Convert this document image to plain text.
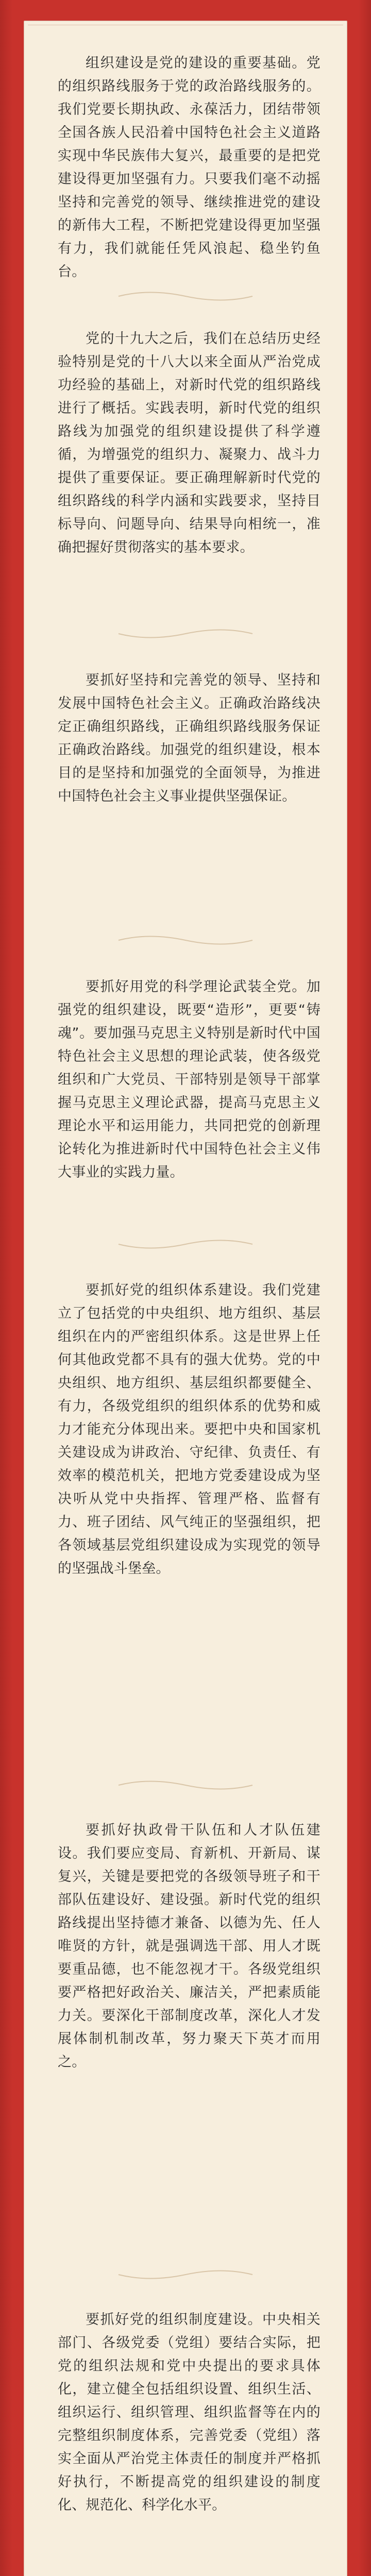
组织建设是党的建设的重要基础。党的组织路线服务于党的政治路线服务的。我们党要长期执政、永葆活力，团结带领全国各族人民沿着中国特色社会主义道路实现中华民族伟大复兴，最重要的是把党建设得更加坚强有力。只要我们毫不动摇坚持和完善党的领导、继续推进党的建设的新伟大工程，不断把党建设得更加坚强有力，我们就能任凭风浪起、稳坐钓鱼台。

党的十九大之后，我们在总结历史经验特别是党的十八大以来全面从严治党成功经验的基础上，对新时代党的组织路线进行了概括。实践表明，新时代党的组织路线为加强党的组织建设提供了科学遵循，为增强党的组织力、凝聚力、战斗力提供了重要保证。要正确理解新时代党的组织路线的科学内涵和实践要求，坚持目标导向、问题导向、结果导向相统一，准确把握好贯彻落实的基本要求。

要抓好坚持和完善党的领导、坚持和发展中国特色社会主义。正确政治路线决定正确组织路线，正确组织路线服务保证正确政治路线。加强党的组织建设，根本目的是坚持和加强党的全面领导，为推进中国特色社会主义事业提供坚强保证。

要抓好用党的科学理论武装全党。加强党的组织建设，既要“造形”，更要“铸魂”。要加强马克思主义特别是新时代中国特色社会主义思想的理论武装，使各级党组织和广大党员、干部特别是领导干部掌握马克思主义理论武器，提高马克思主义理论水平和运用能力，共同把党的创新理论转化为推进新时代中国特色社会主义伟大事业的实践力量。

要抓好党的组织体系建设。我们党建立了包括党的中央组织、地方组织、基层组织在内的严密组织体系。这是世界上任何其他政党都不具有的强大优势。党的中央组织、地方组织、基层组织都要健全、有力，各级党组织的组织体系的优势和威力才能充分体现出来。要把中央和国家机关建设成为讲政治、守纪律、负责任、有效率的模范机关，把地方党委建设成为坚决听从党中央指挥、管理严格、监督有力、班子团结、风气纯正的坚强组织，把各领域基层党组织建设成为实现党的领导的坚强战斗堡垒。

要抓好执政骨干队伍和人才队伍建设。我们要应变局、育新机、开新局、谋复兴，关键是要把党的各级领导班子和干部队伍建设好、建设强。新时代党的组织路线提出坚持德才兼备、以德为先、任人唯贤的方针，就是强调选干部、用人才既要重品德，也不能忽视才干。各级党组织要严格把好政治关、廉洁关，严把素质能力关。要深化干部制度改革，深化人才发展体制机制改革，努力聚天下英才而用之。

要抓好党的组织制度建设。中央相关部门、各级党委（党组）要结合实际，把党的组织法规和党中央提出的要求具体化，建立健全包括组织设置、组织生活、组织运行、组织管理、组织监督等在内的完整组织制度体系，完善党委（党组）落实全面从严治党主体责任的制度并严格抓好执行，不断提高党的组织建设的制度化、规范化、科学化水平。
